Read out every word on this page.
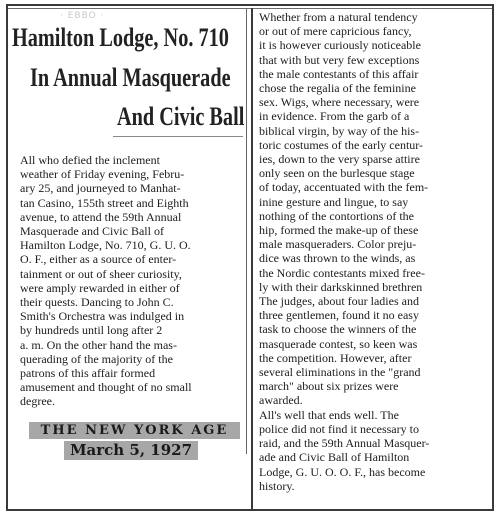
· EBBO ·
Hamilton Lodge, No. 710
In Annual Masquerade
And Civic Ball
All who defied the inclement
weather of Friday evening, Febru-
ary 25, and journeyed to Manhat-
tan Casino, 155th street and Eighth
avenue, to attend the 59th Annual
Masquerade and Civic Ball of
Hamilton Lodge, No. 710, G. U. O.
O. F., either as a source of enter-
tainment or out of sheer curiosity,
were amply rewarded in either of
their quests. Dancing to John C.
Smith's Orchestra was indulged in
by hundreds until long after 2
a. m. On the other hand the mas-
querading of the majority of the
patrons of this affair formed
amusement and thought of no small
degree.
THE NEW YORK AGE
March 5, 1927
Whether from a natural tendency
or out of mere capricious fancy,
it is however curiously noticeable
that with but very few exceptions
the male contestants of this affair
chose the regalia of the feminine
sex. Wigs, where necessary, were
in evidence. From the garb of a
biblical virgin, by way of the his-
toric costumes of the early centur-
ies, down to the very sparse attire
only seen on the burlesque stage
of today, accentuated with the fem-
inine gesture and lingue, to say
nothing of the contortions of the
hip, formed the make-up of these
male masqueraders. Color preju-
dice was thrown to the winds, as
the Nordic contestants mixed free-
ly with their darkskinned brethren
The judges, about four ladies and
three gentlemen, found it no easy
task to choose the winners of the
masquerade contest, so keen was
the competition. However, after
several eliminations in the "grand
march" about six prizes were
awarded.
All's well that ends well. The
police did not find it necessary to
raid, and the 59th Annual Masquer-
ade and Civic Ball of Hamilton
Lodge, G. U. O. O. F., has become
history.
